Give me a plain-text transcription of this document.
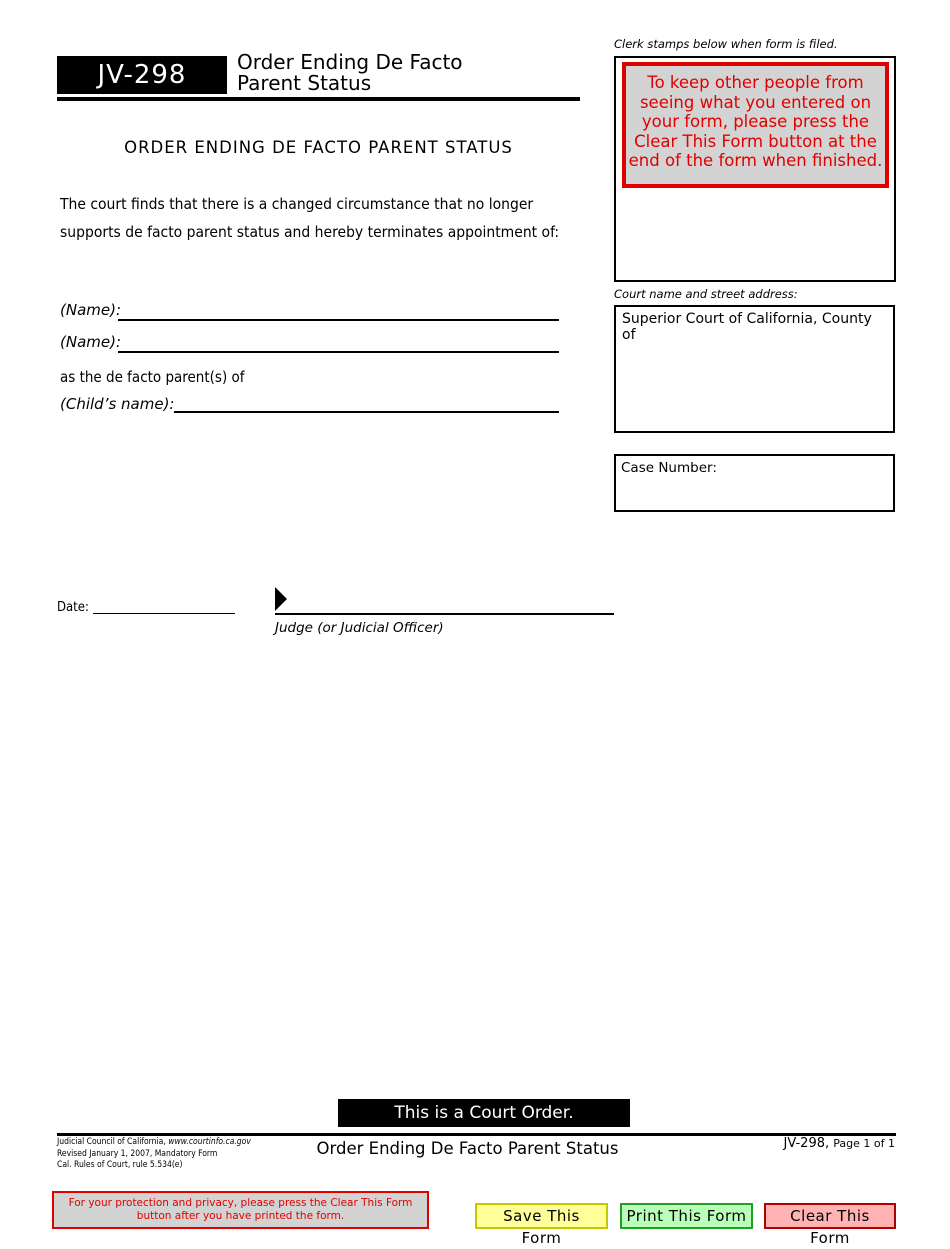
JV-298	Order Ending De Facto
Parent Status
ORDER ENDING DE FACTO PARENT STATUS
The court finds that there is a changed circumstance that no longer
supports de facto parent status and hereby terminates appointment of:
(Name):
(Name):
as the de facto parent(s) of
(Child’s name):
Clerk stamps below when form is filed.
To keep other people from seeing what you entered on your form, please press the Clear This Form button at the end of the form when finished.
Court name and street address:
Superior Court of California, County of
Case Number:
Date:
Judge (or Judicial Officer)
This is a Court Order.
Judicial Council of California, www.courtinfo.ca.gov
Revised January 1, 2007, Mandatory Form
Cal. Rules of Court, rule 5.534(e)
Order Ending De Facto Parent Status	JV-298, Page 1 of 1
For your protection and privacy, please press the Clear This Form button after you have printed the form.	Save This Form
Print This Form	Clear This Form
